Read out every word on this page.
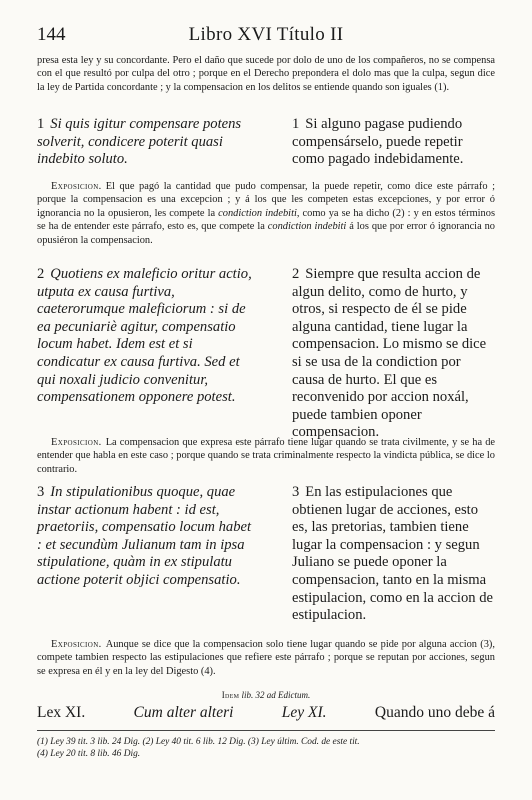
144	Libro XVI Título II
presa esta ley y su concordante. Pero el daño que sucede por dolo de uno de los compañeros, no se compensa con el que resultó por culpa del otro ; porque en el Derecho prepondera el dolo mas que la culpa, segun dice la ley de Partida concordante ; y la compensacion en los delitos se entiende quando son iguales (1).
1 Si quis igitur compensare potens solverit, condicere poterit quasi indebito soluto.
1 Si alguno pagase pudiendo compensárselo, puede repetir como pagado indebidamente.
Exposicion. El que pagó la cantidad que pudo compensar, la puede repetir, como dice este párrafo ; porque la compensacion es una excepcion ; y á los que les competen estas excepciones, y por error ó ignorancia no la opusieron, les compete la condiction indebiti, como ya se ha dicho (2) : y en estos términos se ha de entender este párrafo, esto es, que compete la condiction indebiti á los que por error ó ignorancia no opusiéron la compensacion.
2 Quotiens ex maleficio oritur actio, utputa ex causa furtiva, caeterorumque maleficiorum : si de ea pecuniariè agitur, compensatio locum habet. Idem est et si condicatur ex causa furtiva. Sed et qui noxali judicio convenitur, compensationem opponere potest.
2 Siempre que resulta accion de algun delito, como de hurto, y otros, si respecto de él se pide alguna cantidad, tiene lugar la compensacion. Lo mismo se dice si se usa de la condiction por causa de hurto. El que es reconvenido por accion noxál, puede tambien oponer compensacion.
Exposicion. La compensacion que expresa este párrafo tiene lugar quando se trata civilmente, y se ha de entender que habla en este caso ; porque quando se trata criminalmente respecto la vindicta pública, se dice lo contrario.
3 In stipulationibus quoque, quae instar actionum habent : id est, praetoriis, compensatio locum habet : et secundùm Julianum tam in ipsa stipulatione, quàm in ex stipulatu actione poterit objici compensatio.
3 En las estipulaciones que obtienen lugar de acciones, esto es, las pretorias, tambien tiene lugar la compensacion : y segun Juliano se puede oponer la compensacion, tanto en la misma estipulacion, como en la accion de estipulacion.
Exposicion. Aunque se dice que la compensacion solo tiene lugar quando se pide por alguna accion (3), compete tambien respecto las estipulaciones que refiere este párrafo ; porque se reputan por acciones, segun se expresa en él y en la ley del Digesto (4).
Idem lib. 32 ad Edictum.
Lex XI.	Cum alter alteri	Ley XI.	Quando uno debe á
(1) Ley 39 tit. 3 lib. 24 Dig. (2) Ley 40 tit. 6 lib. 12 Dig. (3) Ley últim. Cod. de este tit.
(4) Ley 20 tit. 8 lib. 46 Dig.
